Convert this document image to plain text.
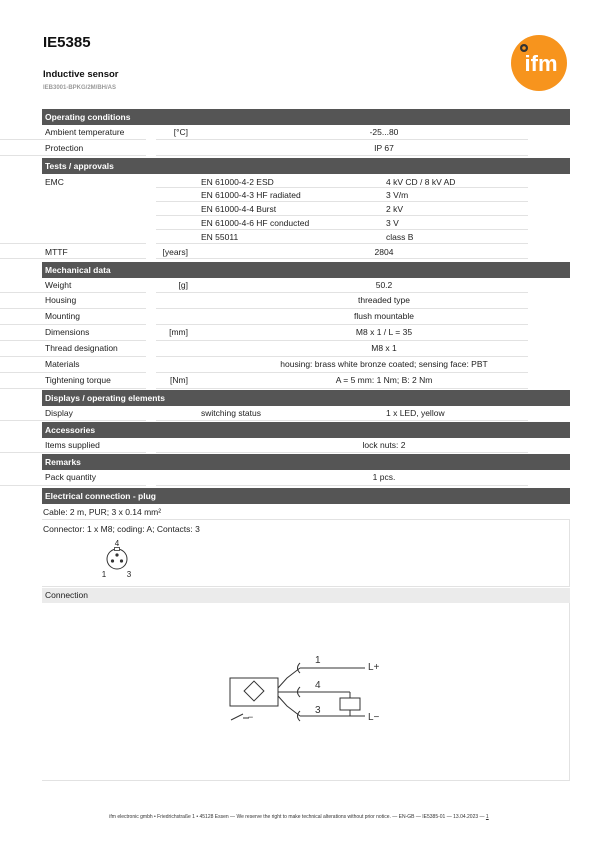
IE5385
Inductive sensor
IEB3001-BPKG/2M/BH/AS
ifm
Operating conditions
Ambient temperature	[°C]	-25...80
Protection	IP 67
Tests / approvals
EMC	EN 61000-4-2 ESD	4 kV CD / 8 kV AD
EN 61000-4-3 HF radiated	3 V/m
EN 61000-4-4 Burst	2 kV
EN 61000-4-6 HF conducted	3 V
EN 55011	class B
MTTF	[years]	2804
Mechanical data
Weight	[g]	50.2
Housing	threaded type
Mounting	flush mountable
Dimensions	[mm]	M8 x 1 / L = 35
Thread designation	M8 x 1
Materials	housing: brass white bronze coated; sensing face: PBT
Tightening torque	[Nm]	A = 5 mm: 1 Nm; B: 2 Nm
Displays / operating elements
Display	switching status	1 x LED, yellow
Accessories
Items supplied	lock nuts: 2
Remarks
Pack quantity	1 pcs.
Electrical connection - plug
Cable: 2 m, PUR; 3 x 0.14 mm²
Connector: 1 x M8; coding: A; Contacts: 3
4
1	3
Connection
1
4
3
L+
L−
−
ifm electronic gmbh • Friedrichstraße 1 • 45128 Essen — We reserve the right to make technical alterations without prior notice. — EN-GB — IE5385-01 — 13.04.2023 — 1
